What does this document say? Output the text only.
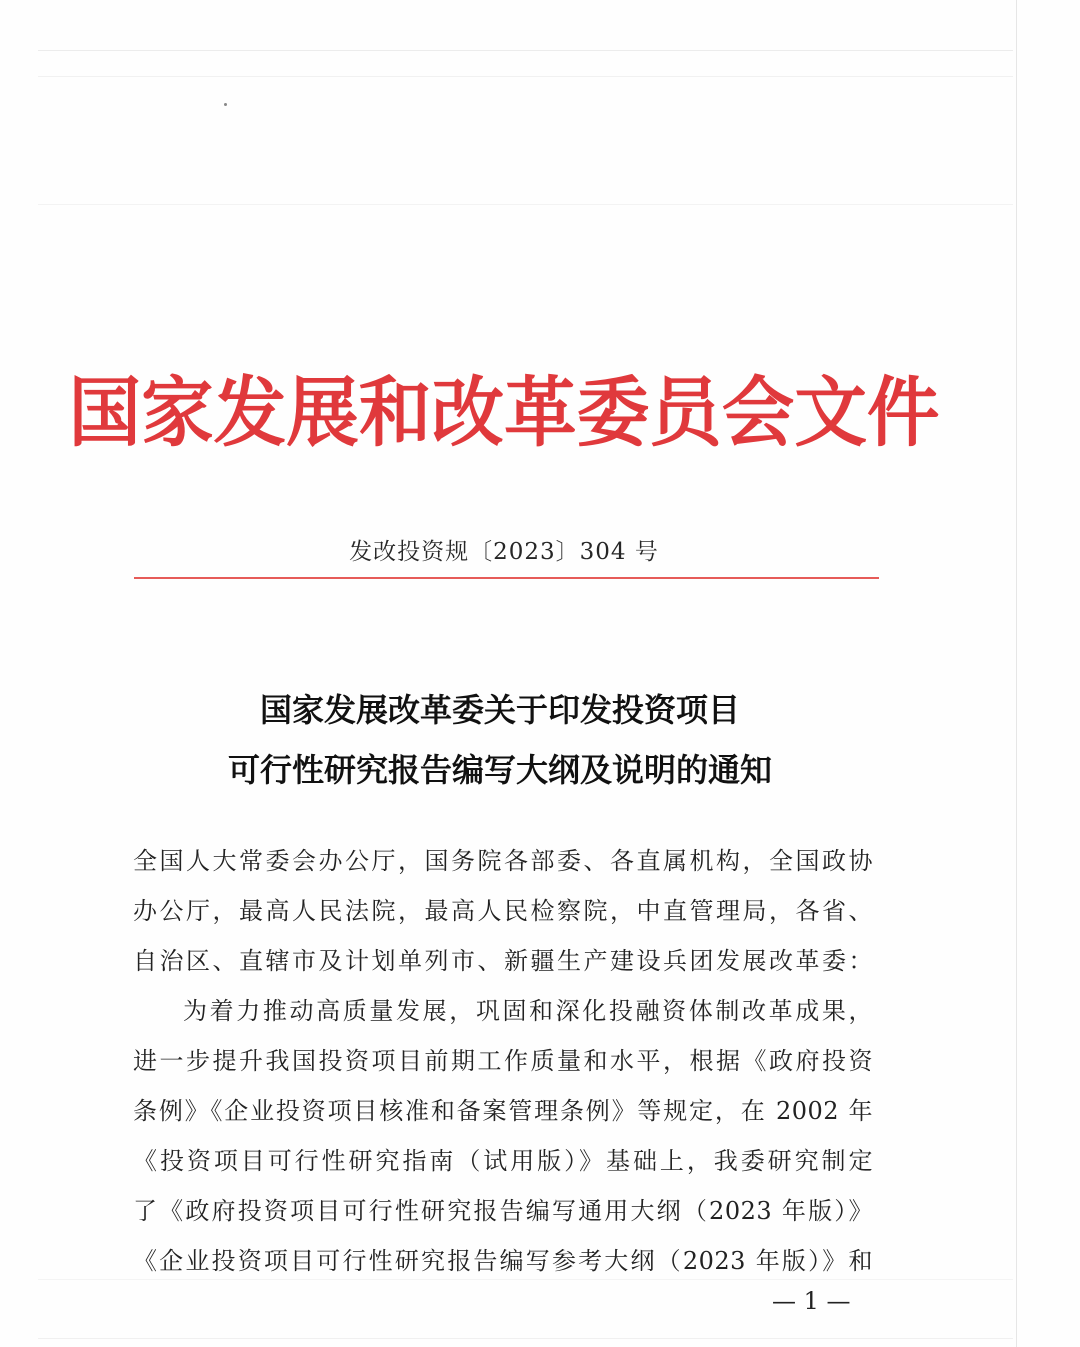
国家发展和改革委员会文件
发改投资规〔2023〕304 号
国家发展改革委关于印发投资项目
可行性研究报告编写大纲及说明的通知
全国人大常委会办公厅，国务院各部委、各直属机构，全国政协
办公厅，最高人民法院，最高人民检察院，中直管理局，各省、
自治区、直辖市及计划单列市、新疆生产建设兵团发展改革委：
为着力推动高质量发展，巩固和深化投融资体制改革成果，
进一步提升我国投资项目前期工作质量和水平，根据《政府投资
条例》《企业投资项目核准和备案管理条例》等规定，在 2002 年
《投资项目可行性研究指南（试用版）》基础上，我委研究制定
了《政府投资项目可行性研究报告编写通用大纲（2023 年版）》
《企业投资项目可行性研究报告编写参考大纲（2023 年版）》和
— 1 —
